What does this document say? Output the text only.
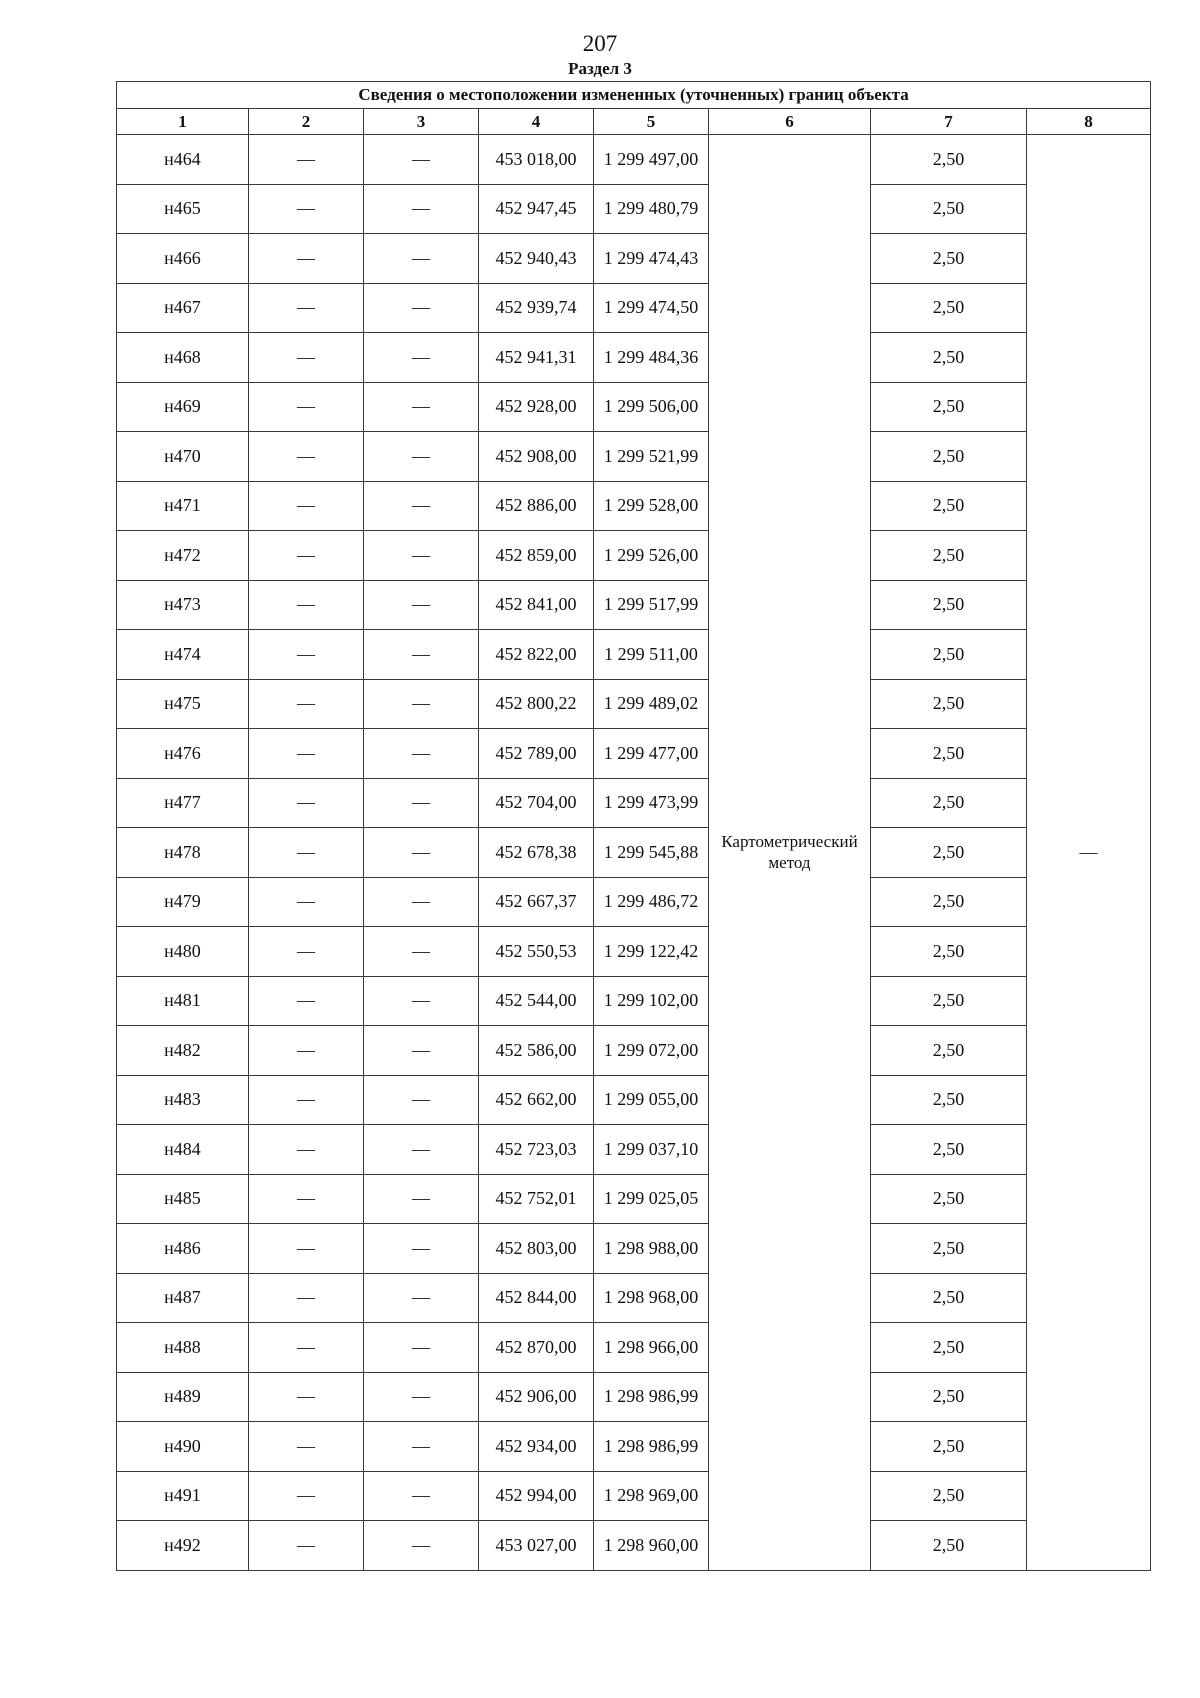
207
Раздел 3
Сведения о местоположении измененных (уточненных) границ объекта							
1	2	3	4	5	6	7	8
н464	—	—	453 018,00	1 299 497,00	Картометрический метод	2,50	—
н465	—	—	452 947,45	1 299 480,79		2,50	
н466	—	—	452 940,43	1 299 474,43		2,50	
н467	—	—	452 939,74	1 299 474,50		2,50	
н468	—	—	452 941,31	1 299 484,36		2,50	
н469	—	—	452 928,00	1 299 506,00		2,50	
н470	—	—	452 908,00	1 299 521,99		2,50	
н471	—	—	452 886,00	1 299 528,00		2,50	
н472	—	—	452 859,00	1 299 526,00		2,50	
н473	—	—	452 841,00	1 299 517,99		2,50	
н474	—	—	452 822,00	1 299 511,00		2,50	
н475	—	—	452 800,22	1 299 489,02		2,50	
н476	—	—	452 789,00	1 299 477,00		2,50	
н477	—	—	452 704,00	1 299 473,99		2,50	
н478	—	—	452 678,38	1 299 545,88		2,50	
н479	—	—	452 667,37	1 299 486,72		2,50	
н480	—	—	452 550,53	1 299 122,42		2,50	
н481	—	—	452 544,00	1 299 102,00		2,50	
н482	—	—	452 586,00	1 299 072,00		2,50	
н483	—	—	452 662,00	1 299 055,00		2,50	
н484	—	—	452 723,03	1 299 037,10		2,50	
н485	—	—	452 752,01	1 299 025,05		2,50	
н486	—	—	452 803,00	1 298 988,00		2,50	
н487	—	—	452 844,00	1 298 968,00		2,50	
н488	—	—	452 870,00	1 298 966,00		2,50	
н489	—	—	452 906,00	1 298 986,99		2,50	
н490	—	—	452 934,00	1 298 986,99		2,50	
н491	—	—	452 994,00	1 298 969,00		2,50	
н492	—	—	453 027,00	1 298 960,00		2,50	
